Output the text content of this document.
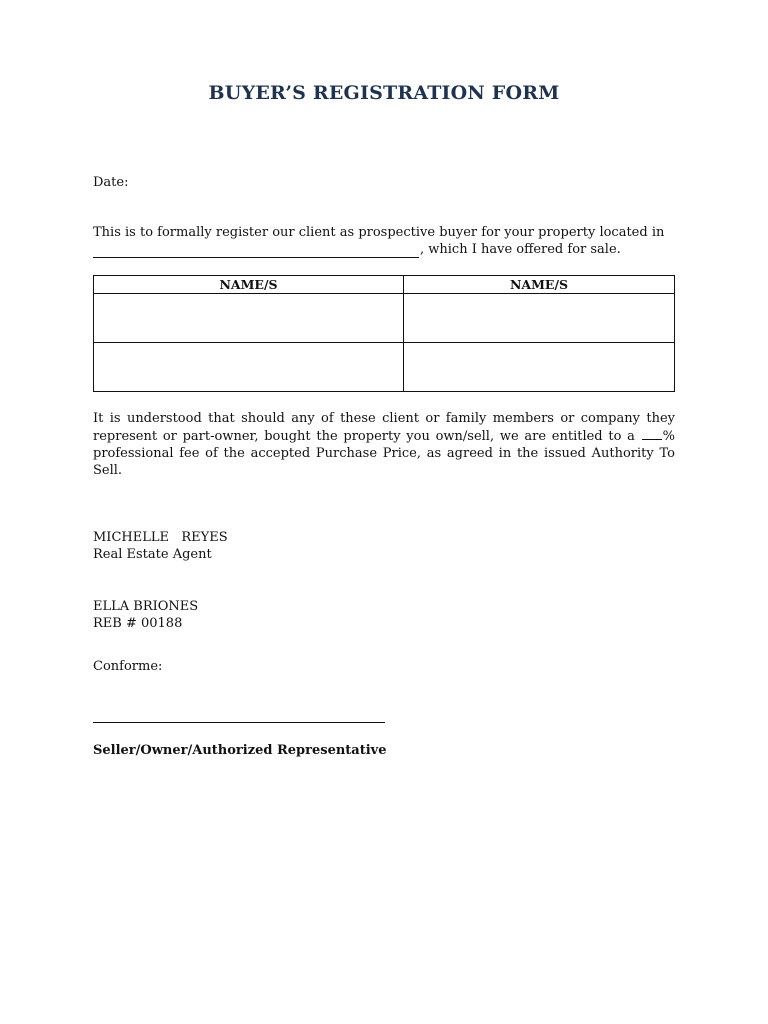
BUYER’S REGISTRATION FORM
Date:
This is to formally register our client as prospective buyer for your property located in
, which I have offered for sale.
NAME/S	NAME/S

It is understood that should any of these client or family members or company they represent or part-owner, bought the property you own/sell, we are entitled to a % professional fee of the accepted Purchase Price, as agreed in the issued Authority To Sell.
MICHELLE   REYES
Real Estate Agent
ELLA BRIONES
REB # 00188
Conforme:
Seller/Owner/Authorized Representative
